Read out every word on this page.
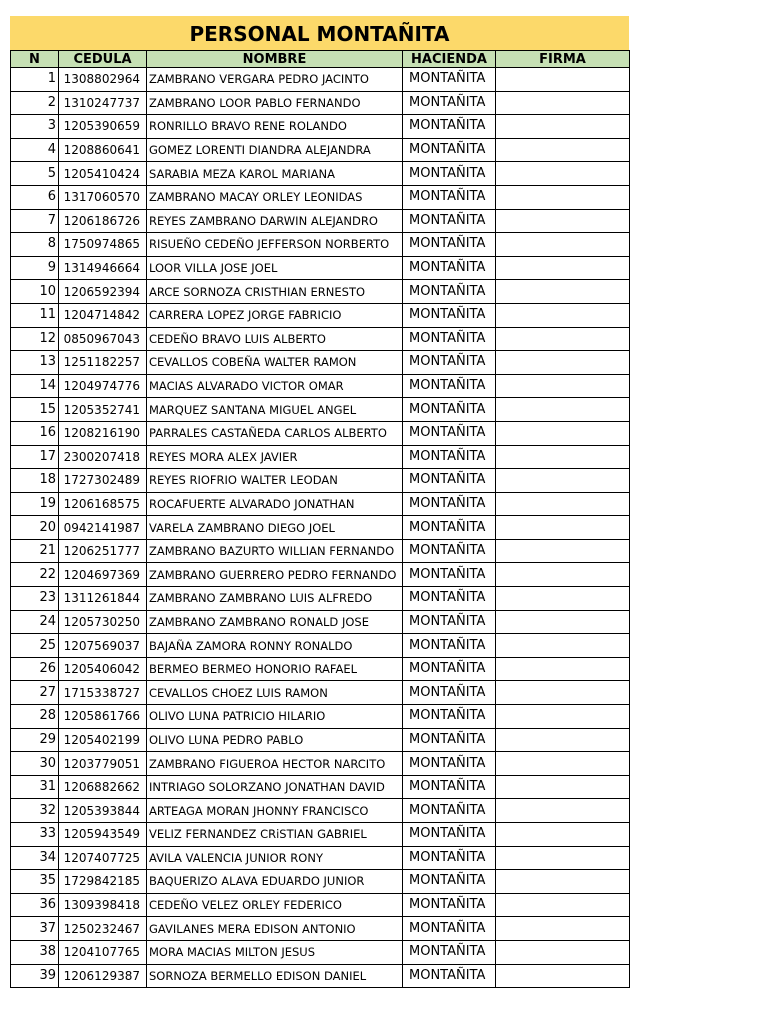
PERSONAL MONTAÑITA
N	CEDULA	NOMBRE	HACIENDA	FIRMA
1	1308802964	ZAMBRANO VERGARA PEDRO JACINTO	MONTAÑITA	
2	1310247737	ZAMBRANO LOOR PABLO FERNANDO	MONTAÑITA	
3	1205390659	RONRILLO BRAVO RENE ROLANDO	MONTAÑITA	
4	1208860641	GOMEZ LORENTI DIANDRA ALEJANDRA	MONTAÑITA	
5	1205410424	SARABIA MEZA KAROL MARIANA	MONTAÑITA	
6	1317060570	ZAMBRANO MACAY ORLEY LEONIDAS	MONTAÑITA	
7	1206186726	REYES ZAMBRANO DARWIN ALEJANDRO	MONTAÑITA	
8	1750974865	RISUEÑO CEDEÑO JEFFERSON NORBERTO	MONTAÑITA	
9	1314946664	LOOR VILLA JOSE JOEL	MONTAÑITA	
10	1206592394	ARCE SORNOZA CRISTHIAN ERNESTO	MONTAÑITA	
11	1204714842	CARRERA LOPEZ JORGE FABRICIO	MONTAÑITA	
12	0850967043	CEDEÑO BRAVO LUIS ALBERTO	MONTAÑITA	
13	1251182257	CEVALLOS COBEÑA WALTER RAMON	MONTAÑITA	
14	1204974776	MACIAS ALVARADO VICTOR OMAR	MONTAÑITA	
15	1205352741	MARQUEZ SANTANA MIGUEL ANGEL	MONTAÑITA	
16	1208216190	PARRALES CASTAÑEDA CARLOS ALBERTO	MONTAÑITA	
17	2300207418	REYES MORA ALEX JAVIER	MONTAÑITA	
18	1727302489	REYES RIOFRIO WALTER LEODAN	MONTAÑITA	
19	1206168575	ROCAFUERTE ALVARADO JONATHAN	MONTAÑITA	
20	0942141987	VARELA ZAMBRANO DIEGO JOEL	MONTAÑITA	
21	1206251777	ZAMBRANO BAZURTO WILLIAN FERNANDO	MONTAÑITA	
22	1204697369	ZAMBRANO GUERRERO PEDRO FERNANDO	MONTAÑITA	
23	1311261844	ZAMBRANO ZAMBRANO LUIS ALFREDO	MONTAÑITA	
24	1205730250	ZAMBRANO ZAMBRANO RONALD JOSE	MONTAÑITA	
25	1207569037	BAJAÑA ZAMORA RONNY RONALDO	MONTAÑITA	
26	1205406042	BERMEO BERMEO HONORIO RAFAEL	MONTAÑITA	
27	1715338727	CEVALLOS CHOEZ LUIS RAMON	MONTAÑITA	
28	1205861766	OLIVO LUNA PATRICIO HILARIO	MONTAÑITA	
29	1205402199	OLIVO LUNA PEDRO PABLO	MONTAÑITA	
30	1203779051	ZAMBRANO FIGUEROA HECTOR NARCITO	MONTAÑITA	
31	1206882662	INTRIAGO SOLORZANO JONATHAN DAVID	MONTAÑITA	
32	1205393844	ARTEAGA MORAN JHONNY FRANCISCO	MONTAÑITA	
33	1205943549	VELIZ FERNANDEZ CRiSTIAN GABRIEL	MONTAÑITA	
34	1207407725	AVILA VALENCIA JUNIOR RONY	MONTAÑITA	
35	1729842185	BAQUERIZO ALAVA EDUARDO JUNIOR	MONTAÑITA	
36	1309398418	CEDEÑO VELEZ ORLEY FEDERICO	MONTAÑITA	
37	1250232467	GAVILANES MERA EDISON ANTONIO	MONTAÑITA	
38	1204107765	MORA MACIAS MILTON JESUS	MONTAÑITA	
39	1206129387	SORNOZA BERMELLO EDISON DANIEL	MONTAÑITA	
